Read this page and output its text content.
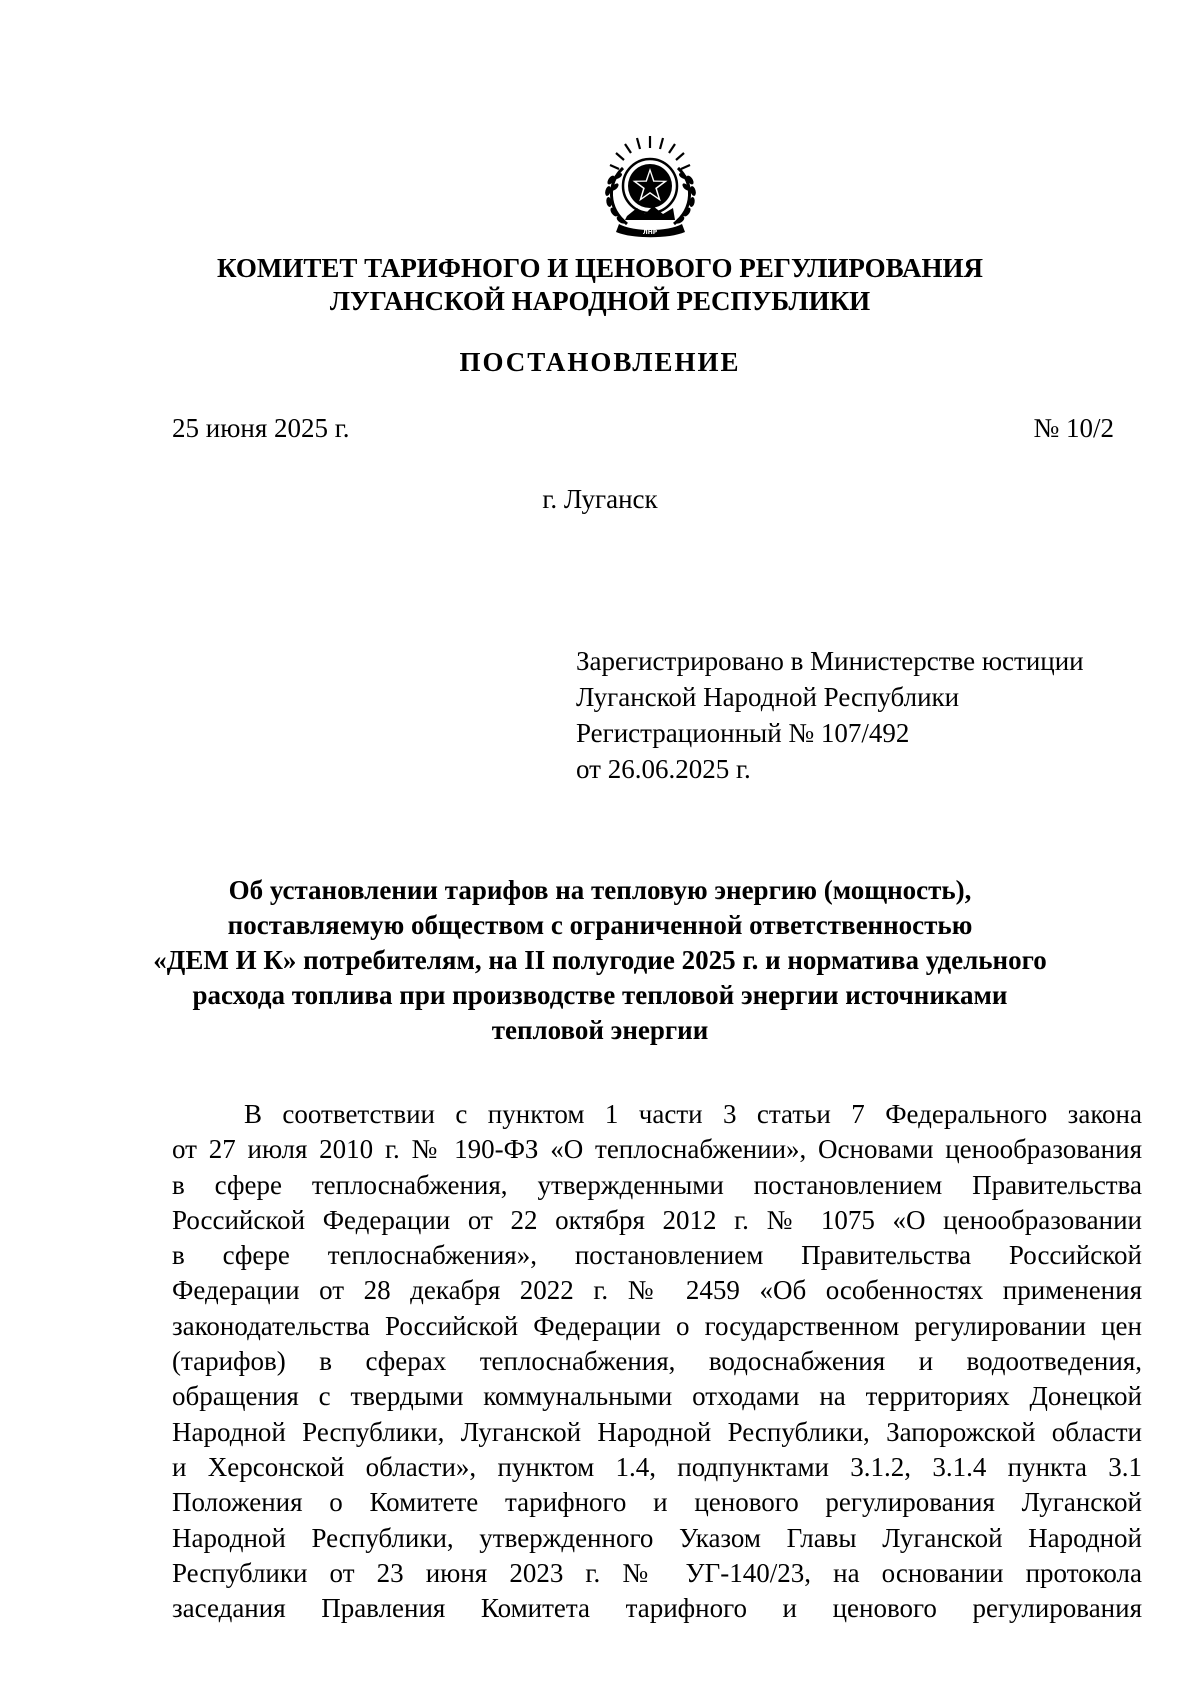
ЛНР
КОМИТЕТ ТАРИФНОГО И ЦЕНОВОГО РЕГУЛИРОВАНИЯ
ЛУГАНСКОЙ НАРОДНОЙ РЕСПУБЛИКИ
ПОСТАНОВЛЕНИЕ
25 июня 2025 г.	№ 10/2
г. Луганск
Зарегистрировано в Министерстве юстиции
Луганской Народной Республики
Регистрационный № 107/492
от 26.06.2025 г.
Об установлении тарифов на тепловую энергию (мощность),
поставляемую обществом с ограниченной ответственностью
«ДЕМ И К» потребителям, на II полугодие 2025 г. и норматива удельного
расхода топлива при производстве тепловой энергии источниками
тепловой энергии
В соответствии с пунктом 1 части 3 статьи 7 Федерального закона
от 27 июля 2010 г. № 190-ФЗ «О теплоснабжении», Основами ценообразования
в сфере теплоснабжения, утвержденными постановлением Правительства
Российской Федерации от 22 октября 2012 г. № 1075 «О ценообразовании
в сфере теплоснабжения», постановлением Правительства Российской
Федерации от 28 декабря 2022 г. № 2459 «Об особенностях применения
законодательства Российской Федерации о государственном регулировании цен
(тарифов) в сферах теплоснабжения, водоснабжения и водоотведения,
обращения с твердыми коммунальными отходами на территориях Донецкой
Народной Республики, Луганской Народной Республики, Запорожской области
и Херсонской области», пунктом 1.4, подпунктами 3.1.2, 3.1.4 пункта 3.1
Положения о Комитете тарифного и ценового регулирования Луганской
Народной Республики, утвержденного Указом Главы Луганской Народной
Республики от 23 июня 2023 г. № УГ-140/23, на основании протокола
заседания Правления Комитета тарифного и ценового регулирования
